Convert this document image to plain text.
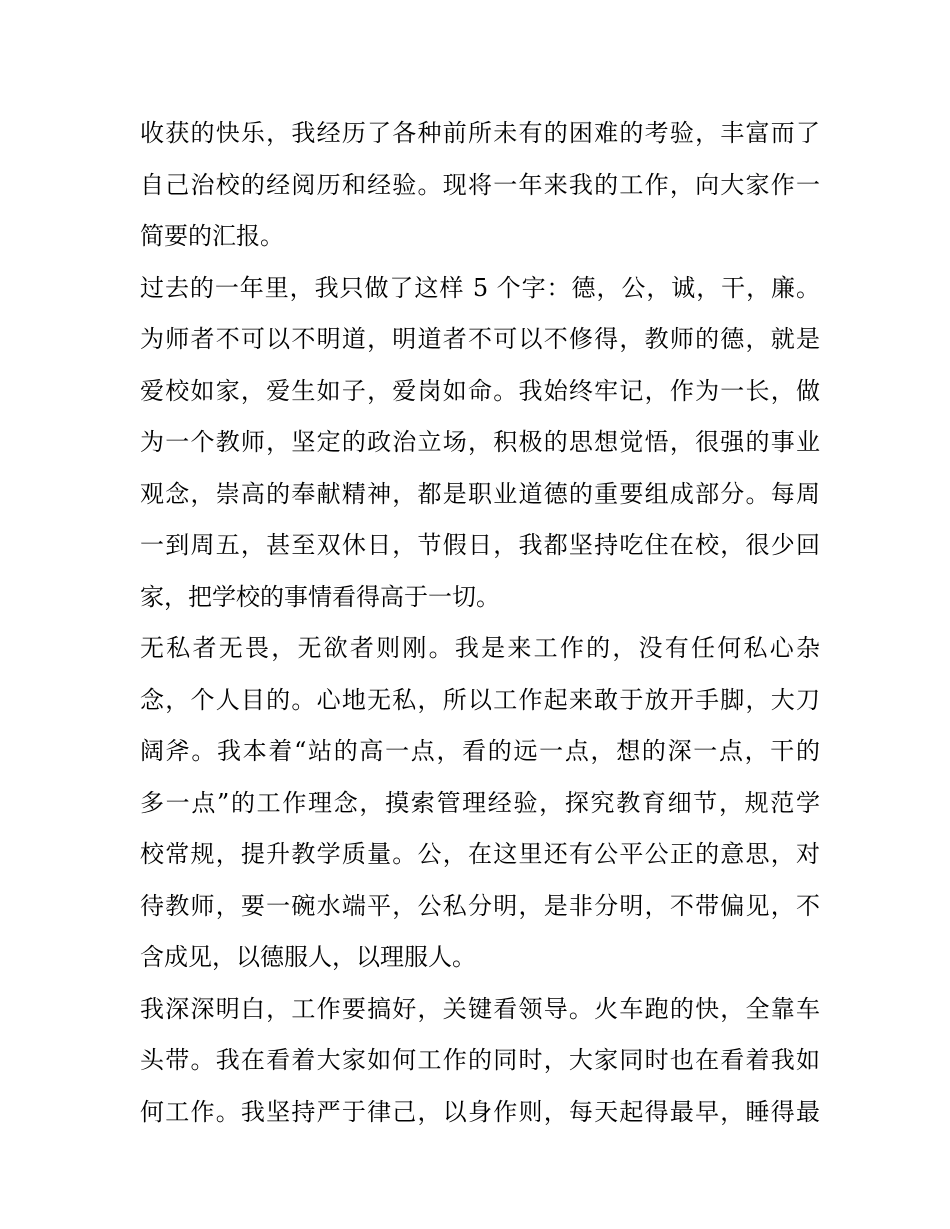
收获的快乐，我经历了各种前所未有的困难的考验，丰富而了
自己治校的经阅历和经验。现将一年来我的工作，向大家作一
简要的汇报。
过去的一年里，我只做了这样 5 个字：德，公，诚，干，廉。
为师者不可以不明道，明道者不可以不修得，教师的德，就是
爱校如家，爱生如子，爱岗如命。我始终牢记，作为一长，做
为一个教师，坚定的政治立场，积极的思想觉悟，很强的事业
观念，崇高的奉献精神，都是职业道德的重要组成部分。每周
一到周五，甚至双休日，节假日，我都坚持吃住在校，很少回
家，把学校的事情看得高于一切。
无私者无畏，无欲者则刚。我是来工作的，没有任何私心杂
念，个人目的。心地无私，所以工作起来敢于放开手脚，大刀
阔斧。我本着“站的高一点，看的远一点，想的深一点，干的
多一点”的工作理念，摸索管理经验，探究教育细节，规范学
校常规，提升教学质量。公，在这里还有公平公正的意思，对
待教师，要一碗水端平，公私分明，是非分明，不带偏见，不
含成见，以德服人，以理服人。
我深深明白，工作要搞好，关键看领导。火车跑的快，全靠车
头带。我在看着大家如何工作的同时，大家同时也在看着我如
何工作。我坚持严于律己，以身作则，每天起得最早，睡得最
